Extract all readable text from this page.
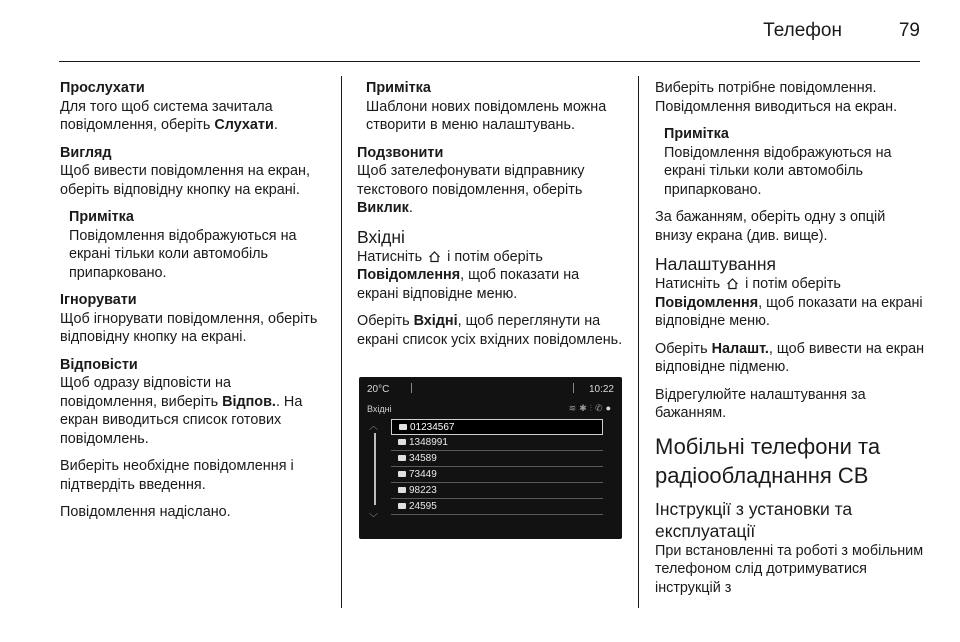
Телефон	79
Прослухати
Для того щоб система зачитала повідомлення, оберіть Слухати.
Вигляд
Щоб вивести повідомлення на екран, оберіть відповідну кнопку на екрані.
Примітка
Повідомлення відображуються на екрані тільки коли автомобіль припарковано.
Ігнорувати
Щоб ігнорувати повідомлення, оберіть відповідну кнопку на екрані.
Відповісти
Щоб одразу відповісти на повідомлення, виберіть Відпов.. На екран виводиться список готових повідомлень.
Виберіть необхідне повідомлення і підтвердіть введення.
Повідомлення надіслано.
Примітка
Шаблони нових повідомлень можна створити в меню налаштувань.
Подзвонити
Щоб зателефонувати відправнику текстового повідомлення, оберіть Виклик.
Вхідні
Натисніть  і потім оберіть Повідомлення, щоб показати на екрані відповідне меню.
Оберіть Вхідні, щоб переглянути на екрані список усіх вхідних повідомлень.
20°C	10:22
Вхідні	≋✱⫶✆●
︿
﹀
01234567
1348991
34589
73449
98223
24595
Виберіть потрібне повідомлення. Повідомлення виводиться на екран.
Примітка
Повідомлення відображуються на екрані тільки коли автомобіль припарковано.
За бажанням, оберіть одну з опцій внизу екрана (див. вище).
Налаштування
Натисніть  і потім оберіть Повідомлення, щоб показати на екрані відповідне меню.
Оберіть Налашт., щоб вивести на екран відповідне підменю.
Відрегулюйте налаштування за бажанням.
Мобільні телефони та радіообладнання СВ
Інструкції з установки та експлуатації
При встановленні та роботі з мобільним телефоном слід дотримуватися інструкцій з
